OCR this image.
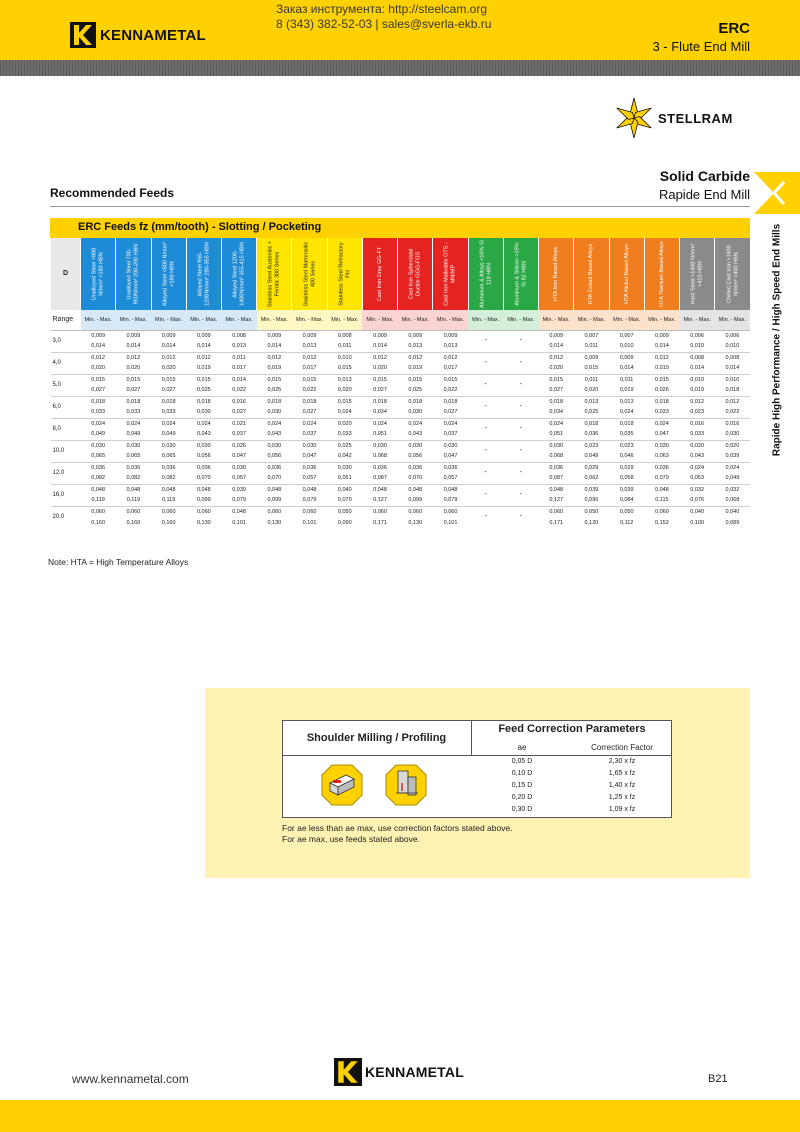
KENNAMETAL
Заказ инструмента: http://steelcam.org
8 (343) 382-52-03 | sales@sverla-ekb.ru	ERC
3 - Flute End Mill
STELLRAM
Solid Carbide
Rapide End Mill
Recommended Feeds
Rapide High Performance / High Speed End Mills
ERC Feeds fz (mm/tooth) - Slotting / Pocketing
D	Unalloyed Steel <800 N/mm² <180 HBN	Unalloyed Steel 700-950N/mm² 200-280 HBN	Alloyed Steel <800 N/mm² <180 HBN	Alloyed Steel 950-1200N/mm² 280-355 HBN	Alloyed Steel 1200-1400N/mm² 355-415 HBN	Stainless Steel Austenitic + Ferritic 300 Series	Stainless Steel Martensitic 400 Series	Stainless Steel Refractory PH	Cast Iron Grey GG-FT	Cast Iron Spheroidal Ductile GGG-FGS	Cast Iron Malleable GTS - MN/MP	Aluminum & Alloys <16% Si 118 HBN	Aluminum & Silicon >16% Si 92 HBN	HTA Iron Based Alloys	HTA Cobalt Based Alloys	HTA Nickel Based Alloys	HTA Titanium Based Alloys	Hard Steel >1400 N/mm² >415 HBN	Chilled Cast Iron >1400 N/mm² >400 HBN

Range	Min. - Max.	Min. - Max.	Min. - Max.	Min. - Max.	Min. - Max.	Min. - Max.	Min. - Max.	Min. - Max.	Min. - Max.	Min. - Max.	Min. - Max.	Min. - Max.	Min. - Max.	Min. - Max.	Min. - Max.	Min. - Max.	Min. - Max.	Min. - Max.	Min. - Max.
3,0	0,009	0,009	0,009	0,009	0,008	0,009	0,009	0,008	0,009	0,009	0,009	-	-	0,009	0,007	0,007	0,009	0,006	0,006
	0,014	0,014	0,014	0,014	0,013	0,014	0,013	0,011	0,014	0,013	0,013			0,014	0,011	0,010	0,014	0,010	0,010
4,0	0,012	0,012	0,012	0,012	0,011	0,012	0,012	0,010	0,012	0,012	0,012	-	-	0,012	0,009	0,009	0,012	0,008	0,008
	0,020	0,020	0,020	0,019	0,017	0,019	0,017	0,015	0,020	0,019	0,017			0,020	0,015	0,014	0,019	0,014	0,014
5,0	0,015	0,015	0,015	0,015	0,014	0,015	0,015	0,013	0,015	0,015	0,015	-	-	0,015	0,011	0,011	0,015	0,010	0,010
	0,027	0,027	0,027	0,025	0,022	0,025	0,022	0,020	0,027	0,025	0,022			0,027	0,020	0,019	0,026	0,019	0,018
6,0	0,018	0,018	0,018	0,018	0,016	0,018	0,018	0,015	0,018	0,018	0,018	-	-	0,018	0,013	0,013	0,018	0,012	0,012
	0,033	0,033	0,033	0,030	0,027	0,030	0,027	0,024	0,034	0,030	0,027			0,034	0,025	0,024	0,033	0,023	0,022
8,0	0,024	0,024	0,024	0,024	0,021	0,024	0,024	0,020	0,024	0,024	0,024	-	-	0,024	0,018	0,018	0,024	0,016	0,016
	0,049	0,049	0,049	0,043	0,037	0,043	0,037	0,033	0,051	0,043	0,037			0,051	0,036	0,035	0,047	0,033	0,030
10,0	0,030	0,030	0,030	0,030	0,026	0,030	0,030	0,025	0,030	0,030	0,030	-	-	0,030	0,023	0,023	0,030	0,020	0,020
	0,065	0,065	0,065	0,056	0,047	0,056	0,047	0,042	0,068	0,056	0,047			0,068	0,049	0,046	0,063	0,043	0,039
12,0	0,036	0,036	0,036	0,036	0,030	0,036	0,036	0,030	0,036	0,036	0,036	-	-	0,036	0,029	0,029	0,036	0,024	0,024
	0,082	0,082	0,082	0,070	0,057	0,070	0,057	0,051	0,087	0,070	0,057			0,087	0,062	0,058	0,079	0,053	0,049
16,0	0,048	0,048	0,048	0,048	0,039	0,048	0,048	0,040	0,048	0,048	0,048	-	-	0,048	0,039	0,039	0,048	0,032	0,032
	0,119	0,119	0,119	0,099	0,079	0,099	0,079	0,070	0,127	0,099	0,079			0,127	0,090	0,084	0,115	0,076	0,068
20,0	0,060	0,060	0,060	0,060	0,048	0,060	0,060	0,050	0,060	0,060	0,060	-	-	0,060	0,050	0,050	0,060	0,040	0,040
	0,160	0,160	0,160	0,130	0,101	0,130	0,101	0,090	0,171	0,130	0,101			0,171	0,120	0,112	0,152	0,100	0,089
Note: HTA = High Temperature Alloys
Shoulder Milling / Profiling
Feed Correction Parameters
ae	Correction Factor
0,05 D	2,30 x fz
0,10 D	1,65 x fz
0,15 D	1,40 x fz
0,20 D	1,25 x fz
0,30 D	1,09 x fz
For ae less than ae max, use correction factors stated above.
For ae max, use feeds stated above.
www.kennametal.com	KENNAMETAL	B21
